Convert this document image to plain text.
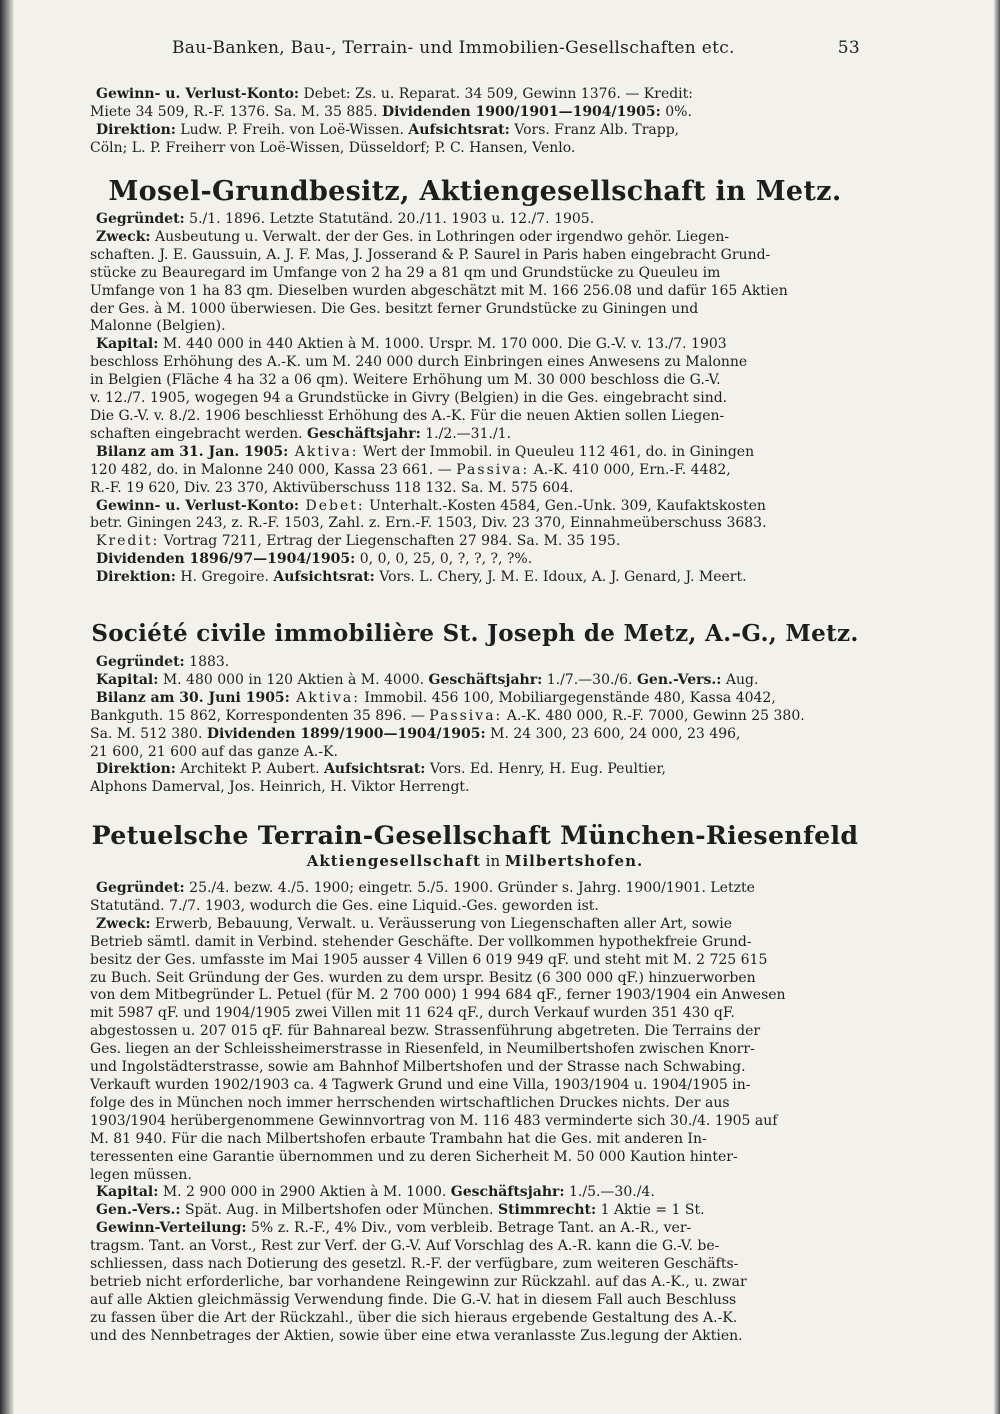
Bau-Banken, Bau-, Terrain- und Immobilien-Gesellschaften etc.	53

Gewinn- u. Verlust-Konto: Debet: Zs. u. Reparat. 34 509, Gewinn 1376. — Kredit:

Miete 34 509, R.-F. 1376. Sa. M. 35 885. Dividenden 1900/1901—1904/1905: 0%.

Direktion: Ludw. P. Freih. von Loë-Wissen. Aufsichtsrat: Vors. Franz Alb. Trapp,

Cöln; L. P. Freiherr von Loë-Wissen, Düsseldorf; P. C. Hansen, Venlo.

Mosel-Grundbesitz, Aktiengesellschaft in Metz.

Gegründet: 5./1. 1896. Letzte Statutänd. 20./11. 1903 u. 12./7. 1905.

Zweck: Ausbeutung u. Verwalt. der der Ges. in Lothringen oder irgendwo gehör. Liegen-

schaften. J. E. Gaussuin, A. J. F. Mas, J. Josserand & P. Saurel in Paris haben eingebracht Grund-

stücke zu Beauregard im Umfange von 2 ha 29 a 81 qm und Grundstücke zu Queuleu im

Umfange von 1 ha 83 qm. Dieselben wurden abgeschätzt mit M. 166 256.08 und dafür 165 Aktien

der Ges. à M. 1000 überwiesen. Die Ges. besitzt ferner Grundstücke zu Giningen und

Malonne (Belgien).

Kapital: M. 440 000 in 440 Aktien à M. 1000. Urspr. M. 170 000. Die G.-V. v. 13./7. 1903

beschloss Erhöhung des A.-K. um M. 240 000 durch Einbringen eines Anwesens zu Malonne

in Belgien (Fläche 4 ha 32 a 06 qm). Weitere Erhöhung um M. 30 000 beschloss die G.-V.

v. 12./7. 1905, wogegen 94 a Grundstücke in Givry (Belgien) in die Ges. eingebracht sind.

Die G.-V. v. 8./2. 1906 beschliesst Erhöhung des A.-K. Für die neuen Aktien sollen Liegen-

schaften eingebracht werden. Geschäftsjahr: 1./2.—31./1.

Bilanz am 31. Jan. 1905: Aktiva: Wert der Immobil. in Queuleu 112 461, do. in Giningen

120 482, do. in Malonne 240 000, Kassa 23 661. — Passiva: A.-K. 410 000, Ern.-F. 4482,

R.-F. 19 620, Div. 23 370, Aktivüberschuss 118 132. Sa. M. 575 604.

Gewinn- u. Verlust-Konto: Debet: Unterhalt.-Kosten 4584, Gen.-Unk. 309, Kaufaktskosten

betr. Giningen 243, z. R.-F. 1503, Zahl. z. Ern.-F. 1503, Div. 23 370, Einnahmeüberschuss 3683.

Kredit: Vortrag 7211, Ertrag der Liegenschaften 27 984. Sa. M. 35 195.

Dividenden 1896/97—1904/1905: 0, 0, 0, 25, 0, ?, ?, ?, ?%.

Direktion: H. Gregoire. Aufsichtsrat: Vors. L. Chery, J. M. E. Idoux, A. J. Genard, J. Meert.

Société civile immobilière St. Joseph de Metz, A.-G., Metz.

Gegründet: 1883.

Kapital: M. 480 000 in 120 Aktien à M. 4000. Geschäftsjahr: 1./7.—30./6. Gen.-Vers.: Aug.

Bilanz am 30. Juni 1905: Aktiva: Immobil. 456 100, Mobiliargegenstände 480, Kassa 4042,

Bankguth. 15 862, Korrespondenten 35 896. — Passiva: A.-K. 480 000, R.-F. 7000, Gewinn 25 380.

Sa. M. 512 380. Dividenden 1899/1900—1904/1905: M. 24 300, 23 600, 24 000, 23 496,

21 600, 21 600 auf das ganze A.-K.

Direktion: Architekt P. Aubert. Aufsichtsrat: Vors. Ed. Henry, H. Eug. Peultier,

Alphons Damerval, Jos. Heinrich, H. Viktor Herrengt.

Petuelsche Terrain-Gesellschaft München-Riesenfeld

Aktiengesellschaft in Milbertshofen.

Gegründet: 25./4. bezw. 4./5. 1900; eingetr. 5./5. 1900. Gründer s. Jahrg. 1900/1901. Letzte

Statutänd. 7./7. 1903, wodurch die Ges. eine Liquid.-Ges. geworden ist.

Zweck: Erwerb, Bebauung, Verwalt. u. Veräusserung von Liegenschaften aller Art, sowie

Betrieb sämtl. damit in Verbind. stehender Geschäfte. Der vollkommen hypothekfreie Grund-

besitz der Ges. umfasste im Mai 1905 ausser 4 Villen 6 019 949 qF. und steht mit M. 2 725 615

zu Buch. Seit Gründung der Ges. wurden zu dem urspr. Besitz (6 300 000 qF.) hinzuerworben

von dem Mitbegründer L. Petuel (für M. 2 700 000) 1 994 684 qF., ferner 1903/1904 ein Anwesen

mit 5987 qF. und 1904/1905 zwei Villen mit 11 624 qF., durch Verkauf wurden 351 430 qF.

abgestossen u. 207 015 qF. für Bahnareal bezw. Strassenführung abgetreten. Die Terrains der

Ges. liegen an der Schleissheimerstrasse in Riesenfeld, in Neumilbertshofen zwischen Knorr-

und Ingolstädterstrasse, sowie am Bahnhof Milbertshofen und der Strasse nach Schwabing.

Verkauft wurden 1902/1903 ca. 4 Tagwerk Grund und eine Villa, 1903/1904 u. 1904/1905 in-

folge des in München noch immer herrschenden wirtschaftlichen Druckes nichts. Der aus

1903/1904 herübergenommene Gewinnvortrag von M. 116 483 verminderte sich 30./4. 1905 auf

M. 81 940. Für die nach Milbertshofen erbaute Trambahn hat die Ges. mit anderen In-

teressenten eine Garantie übernommen und zu deren Sicherheit M. 50 000 Kaution hinter-

legen müssen.

Kapital: M. 2 900 000 in 2900 Aktien à M. 1000. Geschäftsjahr: 1./5.—30./4.

Gen.-Vers.: Spät. Aug. in Milbertshofen oder München. Stimmrecht: 1 Aktie = 1 St.

Gewinn-Verteilung: 5% z. R.-F., 4% Div., vom verbleib. Betrage Tant. an A.-R., ver-

tragsm. Tant. an Vorst., Rest zur Verf. der G.-V. Auf Vorschlag des A.-R. kann die G.-V. be-

schliessen, dass nach Dotierung des gesetzl. R.-F. der verfügbare, zum weiteren Geschäfts-

betrieb nicht erforderliche, bar vorhandene Reingewinn zur Rückzahl. auf das A.-K., u. zwar

auf alle Aktien gleichmässig Verwendung finde. Die G.-V. hat in diesem Fall auch Beschluss

zu fassen über die Art der Rückzahl., über die sich hieraus ergebende Gestaltung des A.-K.

und des Nennbetrages der Aktien, sowie über eine etwa veranlasste Zus.legung der Aktien.
